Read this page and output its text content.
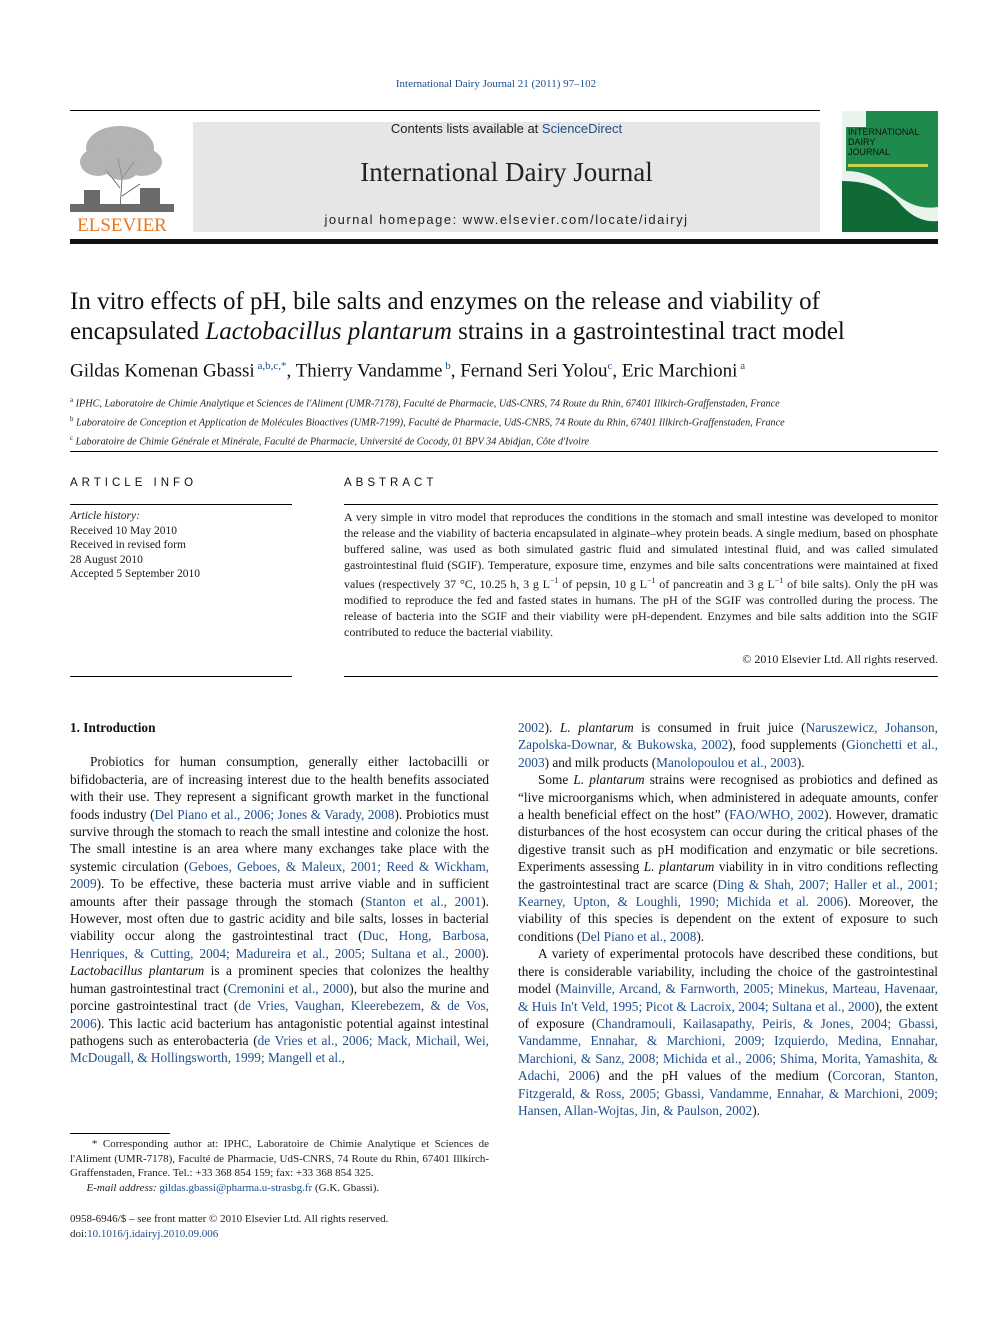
International Dairy Journal 21 (2011) 97–102
ELSEVIER
Contents lists available at ScienceDirect
International Dairy Journal
journal homepage: www.elsevier.com/locate/idairyj
INTERNATIONAL
DAIRY
JOURNAL
In vitro effects of pH, bile salts and enzymes on the release and viability of encapsulated Lactobacillus plantarum strains in a gastrointestinal tract model
Gildas Komenan Gbassi $^{a,b,c,*}$, Thierry Vandamme $^b$, Fernand Seri Yolou$^c$, Eric Marchioni $^a$
$^a$ IPHC, Laboratoire de Chimie Analytique et Sciences de l'Aliment (UMR-7178), Faculté de Pharmacie, UdS-CNRS, 74 Route du Rhin, 67401 Illkirch-Graffenstaden, France
$^b$ Laboratoire de Conception et Application de Molécules Bioactives (UMR-7199), Faculté de Pharmacie, UdS-CNRS, 74 Route du Rhin, 67401 Illkirch-Graffenstaden, France
$^c$ Laboratoire de Chimie Générale et Minérale, Faculté de Pharmacie, Université de Cocody, 01 BPV 34 Abidjan, Côte d'Ivoire
ARTICLE INFO	ABSTRACT
Article history:
Received 10 May 2010
Received in revised form
28 August 2010
Accepted 5 September 2010
A very simple in vitro model that reproduces the conditions in the stomach and small intestine was developed to monitor the release and the viability of bacteria encapsulated in alginate–whey protein beads. A single medium, based on phosphate buffered saline, was used as both simulated gastric fluid and simulated intestinal fluid, and was called simulated gastrointestinal fluid (SGIF). Temperature, exposure time, enzymes and bile salts concentrations were maintained at fixed values (respectively 37 °C, 10.25 h, 3 g $L^{-1}$ of pepsin, 10 g $L^{-1}$ of pancreatin and 3 g $L^{-1}$ of bile salts). Only the pH was modified to reproduce the fed and fasted states in humans. The pH of the SGIF was controlled during the process. The release of bacteria into the SGIF and their viability were pH-dependent. Enzymes and bile salts addition into the SGIF contributed to reduce the bacterial viability.
© 2010 Elsevier Ltd. All rights reserved.

1. Introduction

Probiotics for human consumption, generally either lactobacilli or bifidobacteria, are of increasing interest due to the health benefits associated with their use. They represent a significant growth market in the functional foods industry (Del Piano et al., 2006; Jones & Varady, 2008). Probiotics must survive through the stomach to reach the small intestine and colonize the host. The small intestine is an area where many exchanges take place with the systemic circulation (Geboes, Geboes, & Maleux, 2001; Reed & Wickham, 2009). To be effective, these bacteria must arrive viable and in sufficient amounts after their passage through the stomach (Stanton et al., 2001). However, most often due to gastric acidity and bile salts, losses in bacterial viability occur along the gastrointestinal tract (Duc, Hong, Barbosa, Henriques, & Cutting, 2004; Madureira et al., 2005; Sultana et al., 2000). Lactobacillus plantarum is a prominent species that colonizes the healthy human gastrointestinal tract (Cremonini et al., 2000), but also the murine and porcine gastrointestinal tract (de Vries, Vaughan, Kleerebezem, & de Vos, 2006). This lactic acid bacterium has antagonistic potential against intestinal pathogens such as enterobacteria (de Vries et al., 2006; Mack, Michail, Wei, McDougall, & Hollingsworth, 1999; Mangell et al.,

2002). L. plantarum is consumed in fruit juice (Naruszewicz, Johanson, Zapolska-Downar, & Bukowska, 2002), food supplements (Gionchetti et al., 2003) and milk products (Manolopoulou et al., 2003).

Some L. plantarum strains were recognised as probiotics and defined as “live microorganisms which, when administered in adequate amounts, confer a health beneficial effect on the host” (FAO/WHO, 2002). However, dramatic disturbances of the host ecosystem can occur during the critical phases of the digestive transit such as pH modification and enzymatic or bile secretions. Experiments assessing L. plantarum viability in in vitro conditions reflecting the gastrointestinal tract are scarce (Ding & Shah, 2007; Haller et al., 2001; Kearney, Upton, & Loughli, 1990; Michida et al. 2006). Moreover, the viability of this species is dependent on the extent of exposure to such conditions (Del Piano et al., 2008).

A variety of experimental protocols have described these conditions, but there is considerable variability, including the choice of the gastrointestinal model (Mainville, Arcand, & Farnworth, 2005; Minekus, Marteau, Havenaar, & Huis In't Veld, 1995; Picot & Lacroix, 2004; Sultana et al., 2000), the extent of exposure (Chandramouli, Kailasapathy, Peiris, & Jones, 2004; Gbassi, Vandamme, Ennahar, & Marchioni, 2009; Izquierdo, Medina, Ennahar, Marchioni, & Sanz, 2008; Michida et al., 2006; Shima, Morita, Yamashita, & Adachi, 2006) and the pH values of the medium (Corcoran, Stanton, Fitzgerald, & Ross, 2005; Gbassi, Vandamme, Ennahar, & Marchioni, 2009; Hansen, Allan-Wojtas, Jin, & Paulson, 2002).

* Corresponding author at: IPHC, Laboratoire de Chimie Analytique et Sciences de l'Aliment (UMR-7178), Faculté de Pharmacie, UdS-CNRS, 74 Route du Rhin, 67401 Illkirch-Graffenstaden, France. Tel.: +33 368 854 159; fax: +33 368 854 325.
E-mail address: gildas.gbassi@pharma.u-strasbg.fr (G.K. Gbassi).
0958-6946/$ – see front matter © 2010 Elsevier Ltd. All rights reserved.
doi:10.1016/j.idairyj.2010.09.006
